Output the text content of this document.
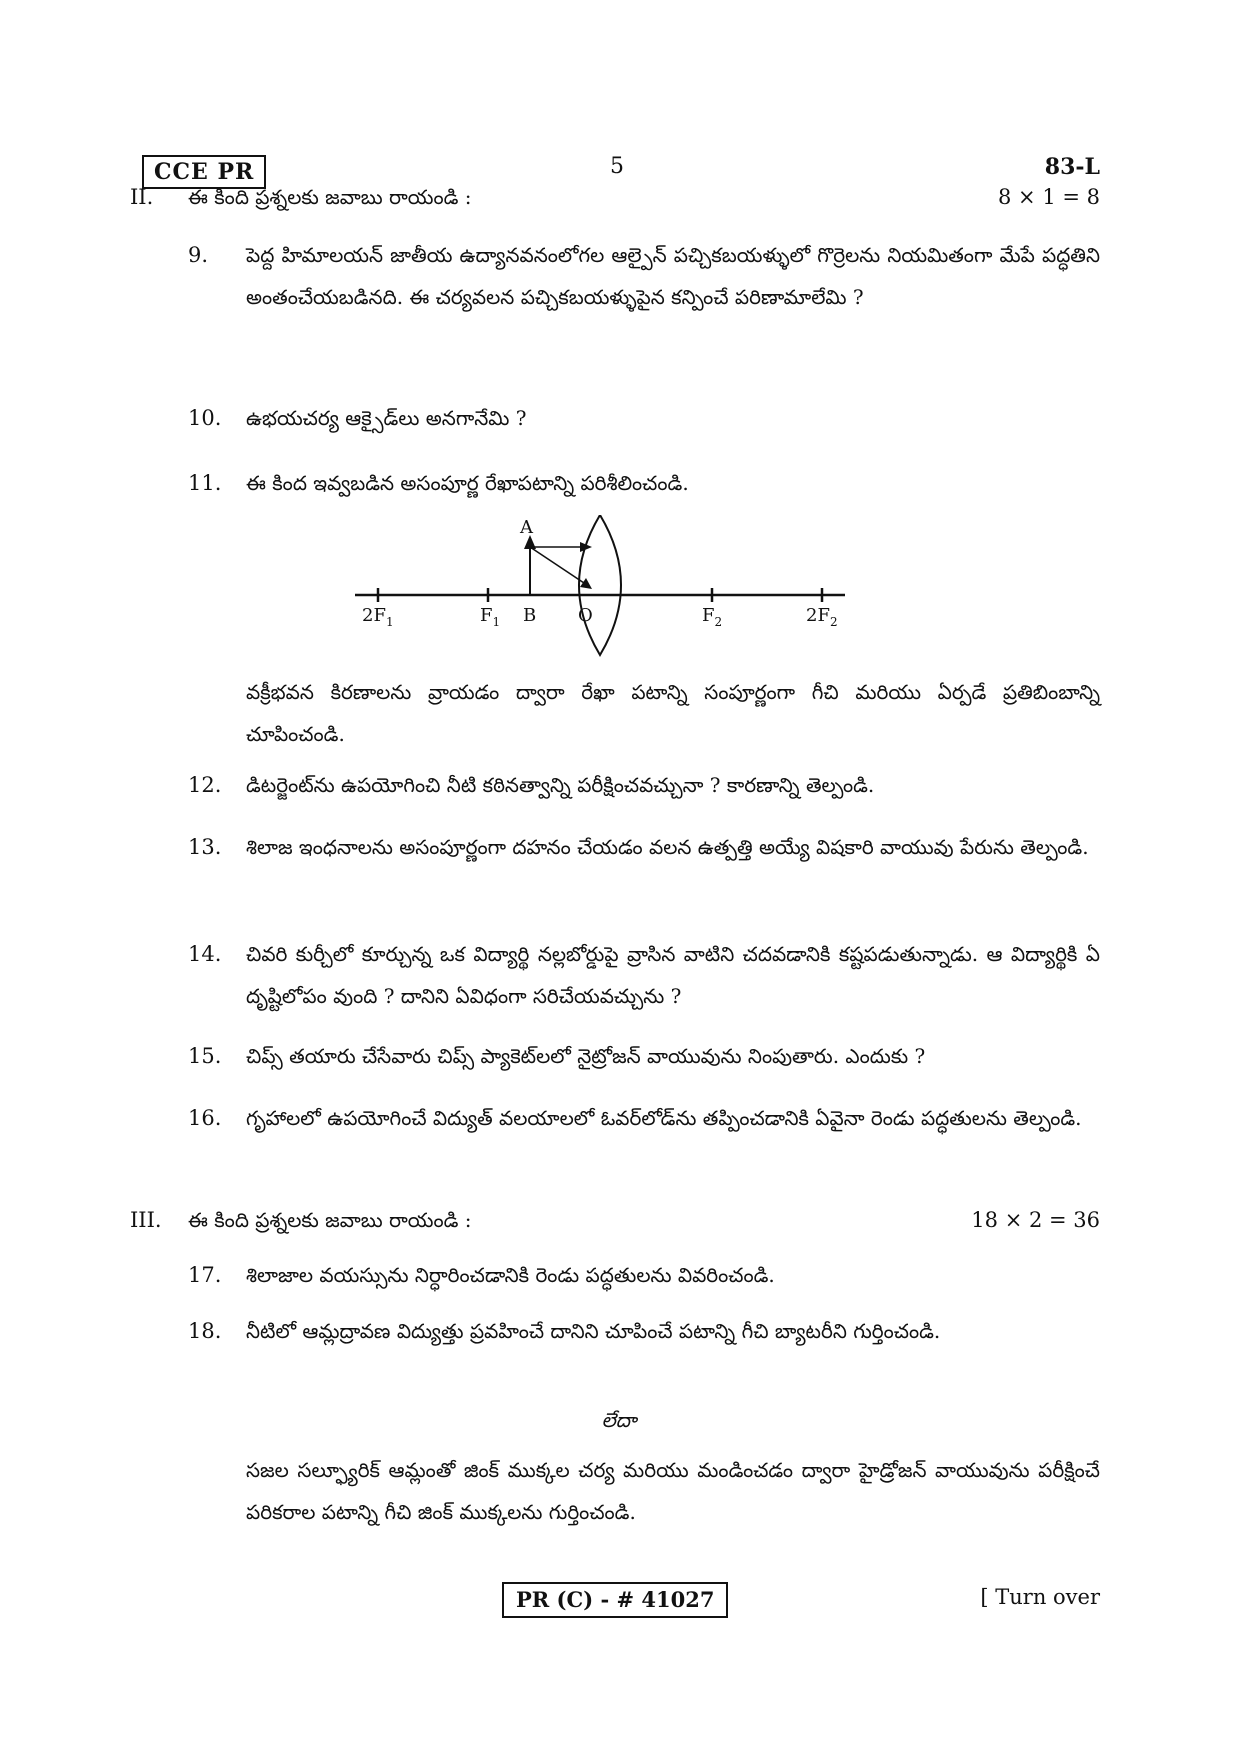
CCE PR	5	83-L
II. ఈ కింది ప్రశ్నలకు జవాబు రాయండి :	8 × 1 = 8
9.	పెద్ద హిమాలయన్ జాతీయ ఉద్యానవనంలోగల ఆల్పైన్ పచ్చికబయళ్ళులో గొర్రెలను నియమితంగా మేపే పద్ధతిని అంతంచేయబడినది. ఈ చర్యవలన పచ్చికబయళ్ళుపైన కన్పించే పరిణామాలేమి ?
10.	ఉభయచర్య ఆక్సైడ్‌లు అనగానేమి ?
11.	ఈ కింద ఇవ్వబడిన అసంపూర్ణ రేఖాపటాన్ని పరిశీలించండి.
A
B O
$2F_1$	$F_1$	$F_2$	$2F_2$
వక్రీభవన కిరణాలను వ్రాయడం ద్వారా రేఖా పటాన్ని సంపూర్ణంగా గీచి మరియు ఏర్పడే ప్రతిబింబాన్ని చూపించండి.
12.	డిటర్జెంట్‌ను ఉపయోగించి నీటి కఠినత్వాన్ని పరీక్షించవచ్చునా ? కారణాన్ని తెల్పండి.
13.	శిలాజ ఇంధనాలను అసంపూర్ణంగా దహనం చేయడం వలన ఉత్పత్తి అయ్యే విషకారి వాయువు పేరును తెల్పండి.
14.	చివరి కుర్చీలో కూర్చున్న ఒక విద్యార్థి నల్లబోర్డుపై వ్రాసిన వాటిని చదవడానికి కష్టపడుతున్నాడు. ఆ విద్యార్థికి ఏ దృష్టిలోపం వుంది ? దానిని ఏవిధంగా సరిచేయవచ్చును ?
15.	చిప్స్ తయారు చేసేవారు చిప్స్ ప్యాకెట్‌లలో నైట్రోజన్ వాయువును నింపుతారు. ఎందుకు ?
16.	గృహాలలో ఉపయోగించే విద్యుత్ వలయాలలో ఓవర్‌లోడ్‌ను తప్పించడానికి ఏవైనా రెండు పద్ధతులను తెల్పండి.
III. ఈ కింది ప్రశ్నలకు జవాబు రాయండి :	18 × 2 = 36
17.	శిలాజాల వయస్సును నిర్ధారించడానికి రెండు పద్ధతులను వివరించండి.
18.	నీటిలో ఆమ్లద్రావణ విద్యుత్తు ప్రవహించే దానిని చూపించే పటాన్ని గీచి బ్యాటరీని గుర్తించండి.
లేదా
సజల సల్ఫ్యూరిక్ ఆమ్లంతో జింక్ ముక్కల చర్య మరియు మండించడం ద్వారా హైడ్రోజన్ వాయువును పరీక్షించే పరికరాల పటాన్ని గీచి జింక్ ముక్కలను గుర్తించండి.
PR (C) - # 41027	[ Turn over
